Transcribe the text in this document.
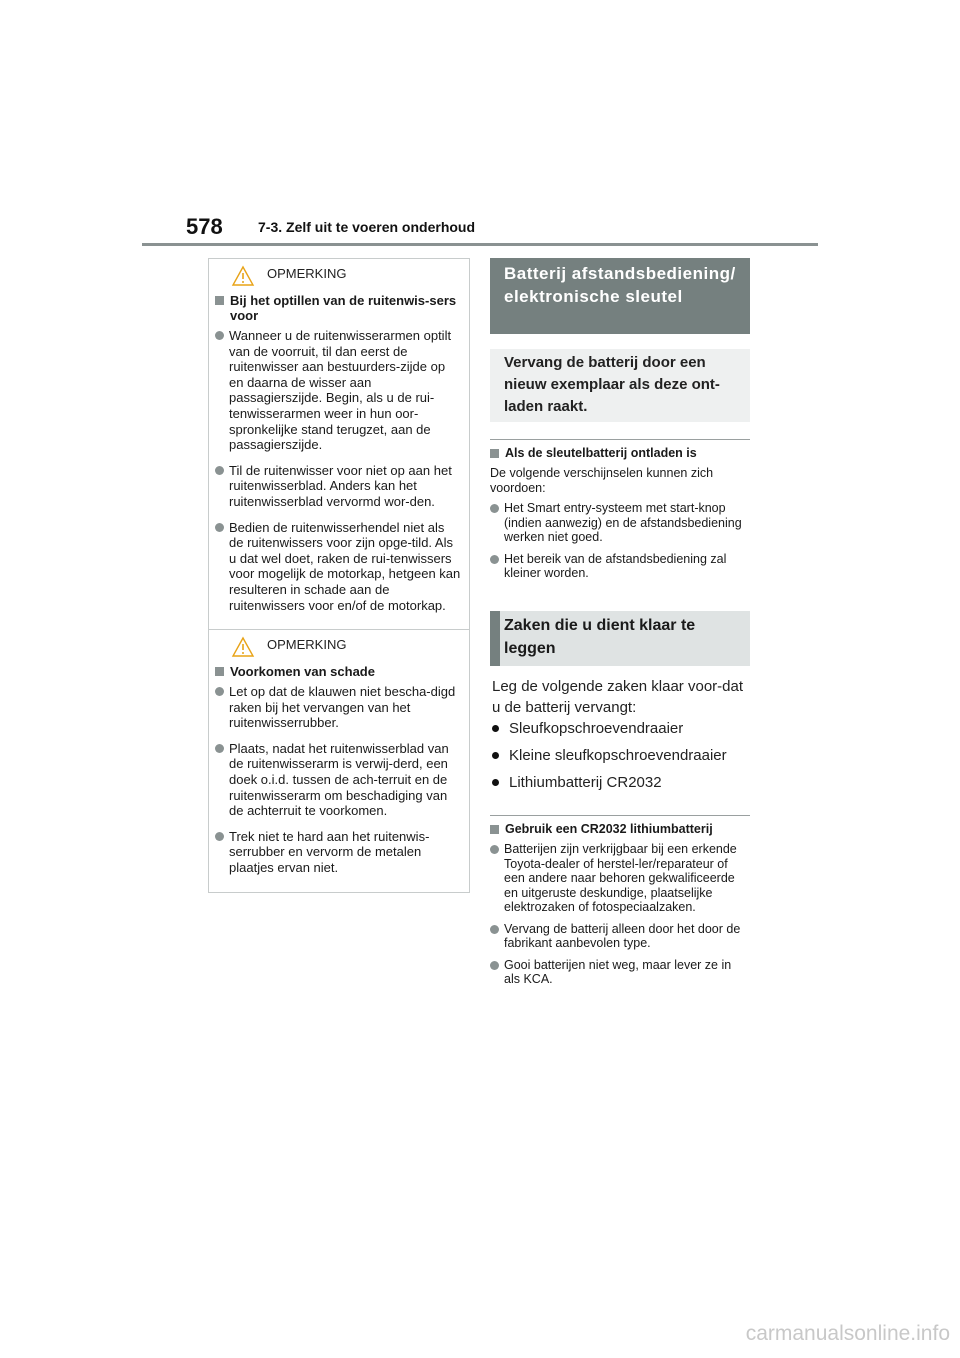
578	7-3. Zelf uit te voeren onderhoud
OPMERKING
Bij het optillen van de ruitenwis-sers voor
Wanneer u de ruitenwisserarmen optilt van de voorruit, til dan eerst de ruitenwisser aan bestuurders-zijde op en daarna de wisser aan passagierszijde. Begin, als u de rui-tenwisserarmen weer in hun oor-spronkelijke stand terugzet, aan de passagierszijde.
Til de ruitenwisser voor niet op aan het ruitenwisserblad. Anders kan het ruitenwisserblad vervormd wor-den.
Bedien de ruitenwisserhendel niet als de ruitenwissers voor zijn opge-tild. Als u dat wel doet, raken de rui-tenwissers voor mogelijk de motorkap, hetgeen kan resulteren in schade aan de ruitenwissers voor en/of de motorkap.
OPMERKING
Voorkomen van schade
Let op dat de klauwen niet bescha-digd raken bij het vervangen van het ruitenwisserrubber.
Plaats, nadat het ruitenwisserblad van de ruitenwisserarm is verwij-derd, een doek o.i.d. tussen de ach-terruit en de ruitenwisserarm om beschadiging van de achterruit te voorkomen.
Trek niet te hard aan het ruitenwis-serrubber en vervorm de metalen plaatjes ervan niet.
Batterij afstandsbediening/ elektronische sleutel
Vervang de batterij door een nieuw exemplaar als deze ont-laden raakt.
Als de sleutelbatterij ontladen is
De volgende verschijnselen kunnen zich voordoen:
Het Smart entry-systeem met start-knop (indien aanwezig) en de afstandsbediening werken niet goed.
Het bereik van de afstandsbediening zal kleiner worden.
Zaken die u dient klaar te leggen
Leg de volgende zaken klaar voor-dat u de batterij vervangt:
Sleufkopschroevendraaier
Kleine sleufkopschroevendraaier
Lithiumbatterij CR2032
Gebruik een CR2032 lithiumbatterij
Batterijen zijn verkrijgbaar bij een erkende Toyota-dealer of herstel-ler/reparateur of een andere naar behoren gekwalificeerde en uitgeruste deskundige, plaatselijke elektrozaken of fotospeciaalzaken.
Vervang de batterij alleen door het door de fabrikant aanbevolen type.
Gooi batterijen niet weg, maar lever ze in als KCA.
carmanualsonline.info
